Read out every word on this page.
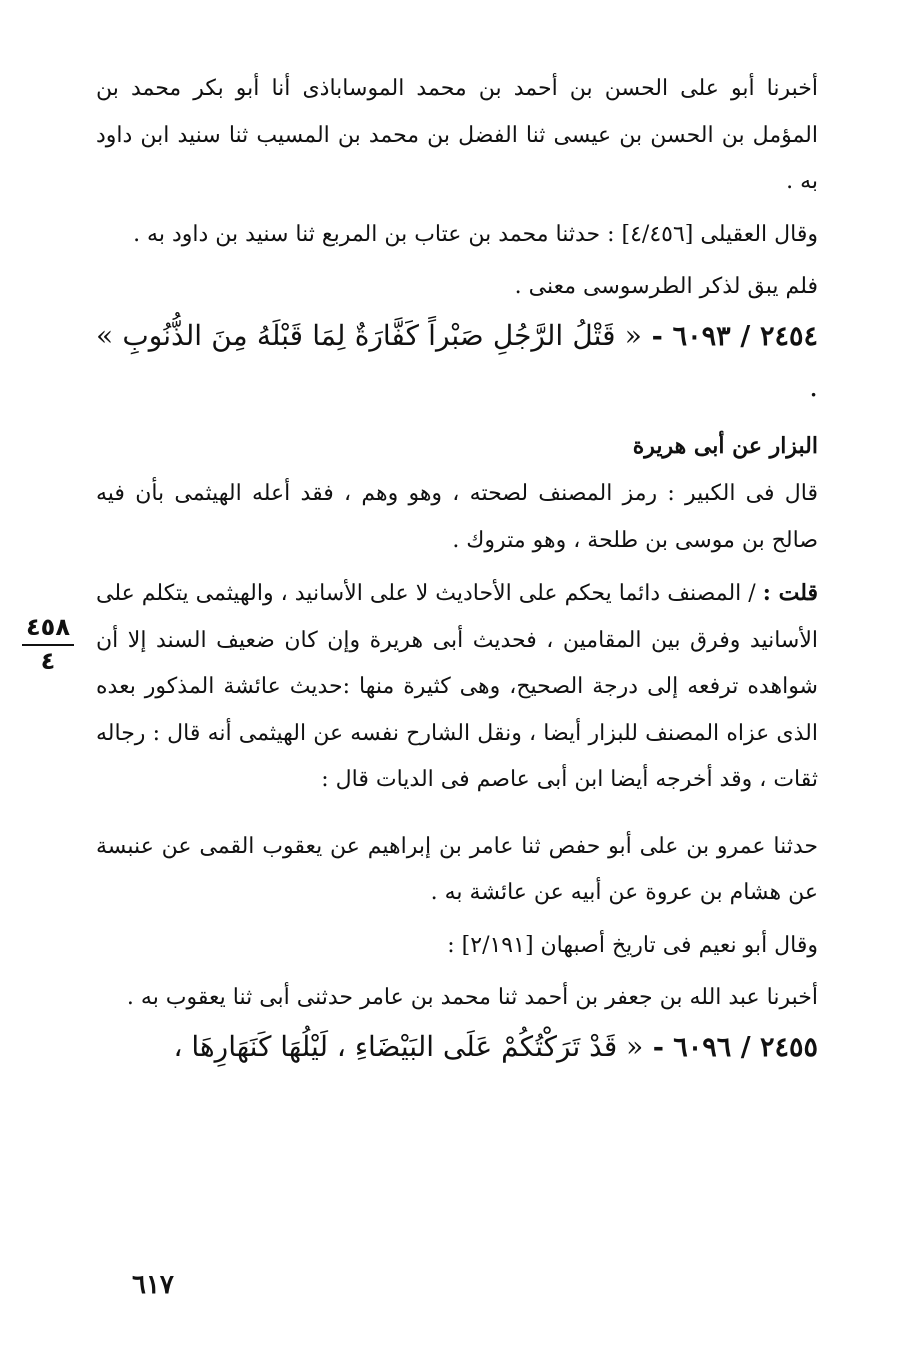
أخبرنا أبو على الحسن بن أحمد بن محمد الموساباذى أنا أبو بكر محمد بن المؤمل بن الحسن بن عيسى ثنا الفضل بن محمد بن المسيب ثنا سنيد ابن داود به .

وقال العقيلى [٤/٤٥٦] : حدثنا محمد بن عتاب بن المربع ثنا سنيد بن داود به .

فلم يبق لذكر الطرسوسى معنى .

٢٤٥٤ / ٦٠٩٣ - « قَتْلُ الرَّجُلِ صَبْراً كَفَّارَةٌ لِمَا قَبْلَهُ مِنَ الذُّنُوبِ » .

البزار عن أبى هريرة

قال فى الكبير : رمز المصنف لصحته ، وهو وهم ، فقد أعله الهيثمى بأن فيه صالح بن موسى بن طلحة ، وهو متروك .

قلت : / المصنف دائما يحكم على الأحاديث لا على الأسانيد ، والهيثمى يتكلم على الأسانيد وفرق بين المقامين ، فحديث أبى هريرة وإن كان ضعيف السند إلا أن شواهده ترفعه إلى درجة الصحيح، وهى كثيرة منها :حديث عائشة المذكور بعده الذى عزاه المصنف للبزار أيضا ، ونقل الشارح نفسه عن الهيثمى أنه قال : رجاله ثقات ، وقد أخرجه أيضا ابن أبى عاصم فى الديات قال :

حدثنا عمرو بن على أبو حفص ثنا عامر بن إبراهيم عن يعقوب القمى عن عنبسة عن هشام بن عروة عن أبيه عن عائشة به .

وقال أبو نعيم فى تاريخ أصبهان [٢/١٩١] :

أخبرنا عبد الله بن جعفر بن أحمد ثنا محمد بن عامر حدثنى أبى ثنا يعقوب به .

٢٤٥٥ / ٦٠٩٦ - « قَدْ تَرَكْتُكُمْ عَلَى البَيْضَاءِ ، لَيْلُهَا كَنَهَارِهَا ،

٤٥٨
٤
٦١٧
